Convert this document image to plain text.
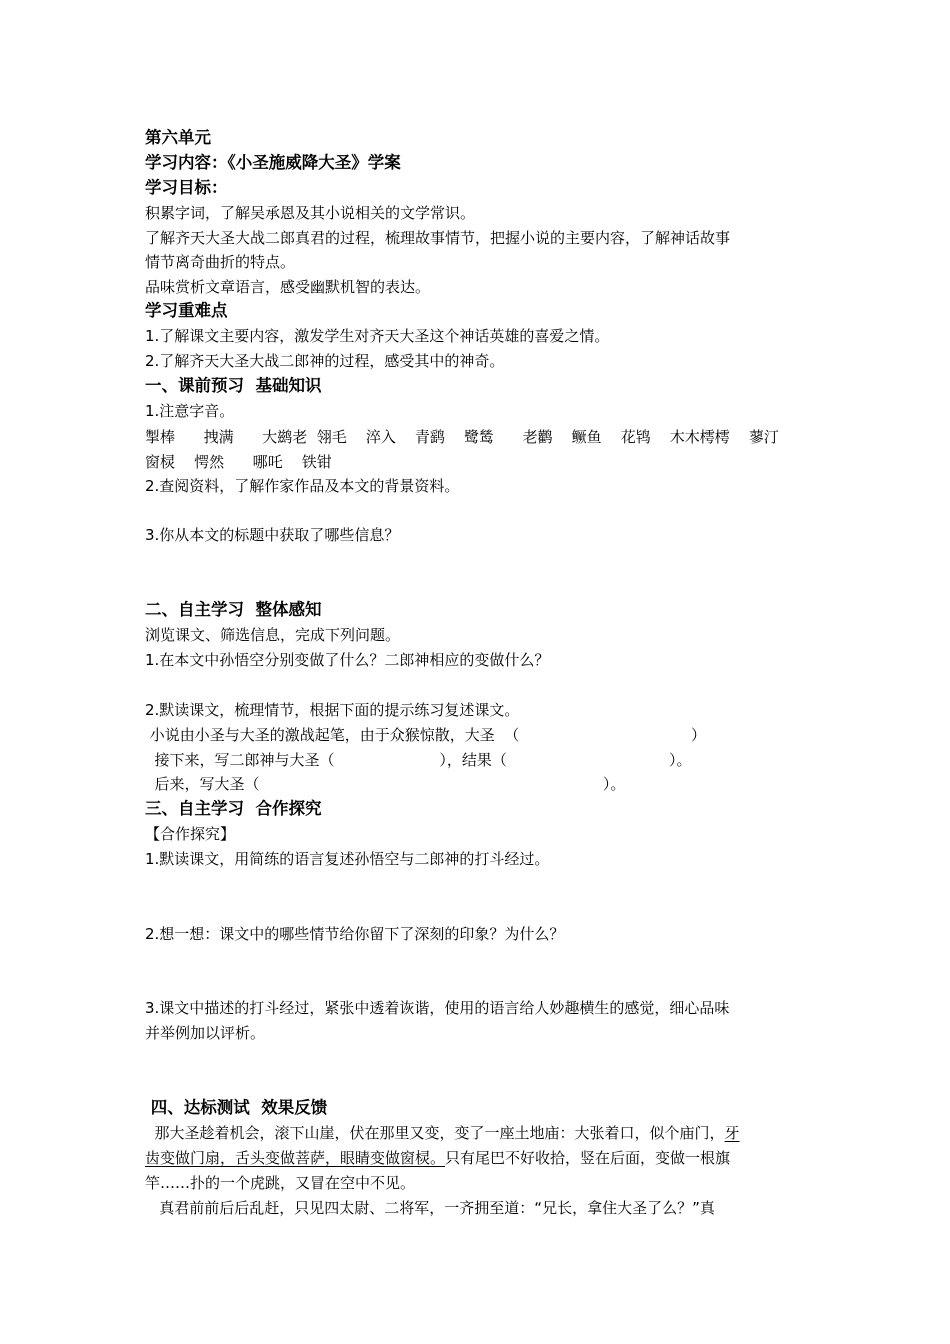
第六单元
学习内容：《小圣施威降大圣》学案
学习目标：
积累字词，了解吴承恩及其小说相关的文学常识。
了解齐天大圣大战二郎真君的过程，梳理故事情节，把握小说的主要内容，了解神话故事
情节离奇曲折的特点。
品味赏析文章语言，感受幽默机智的表达。
学习重难点
1.了解课文主要内容，激发学生对齐天大圣这个神话英雄的喜爱之情。
2.了解齐天大圣大战二郎神的过程，感受其中的神奇。
一、课前预习  基础知识
1.注意字音。
掣棒      拽满      大鹚老  翎毛    淬入    青鹞    鹭鸶      老鹳    鳜鱼    花鸨    木木樗樗    蓼汀
窗棂    愕然      哪吒    铁钳
2.查阅资料，了解作家作品及本文的背景资料。
3.你从本文的标题中获取了哪些信息？
二、自主学习  整体感知
浏览课文、筛选信息，完成下列问题。
1.在本文中孙悟空分别变做了什么？二郎神相应的变做什么？
2.默读课文，梳理情节，根据下面的提示练习复述课文。
小说由小圣与大圣的激战起笔，由于众猴惊散，大圣  （                                    ）
接下来，写二郎神与大圣（                      ），结果（                                  ）。
后来，写大圣（                                                                        ）。
三、自主学习  合作探究
【合作探究】
1.默读课文，用简练的语言复述孙悟空与二郎神的打斗经过。
2.想一想：课文中的哪些情节给你留下了深刻的印象？为什么？
3.课文中描述的打斗经过，紧张中透着诙谐，使用的语言给人妙趣横生的感觉，细心品味
并举例加以评析。
四、达标测试  效果反馈
那大圣趁着机会，滚下山崖，伏在那里又变，变了一座土地庙：大张着口，似个庙门，牙
齿变做门扇，舌头变做菩萨，眼睛变做窗棂。只有尾巴不好收拾，竖在后面，变做一根旗
竿……扑的一个虎跳，又冒在空中不见。
真君前前后后乱赶，只见四太尉、二将军，一齐拥至道：“兄长，拿住大圣了么？”真
